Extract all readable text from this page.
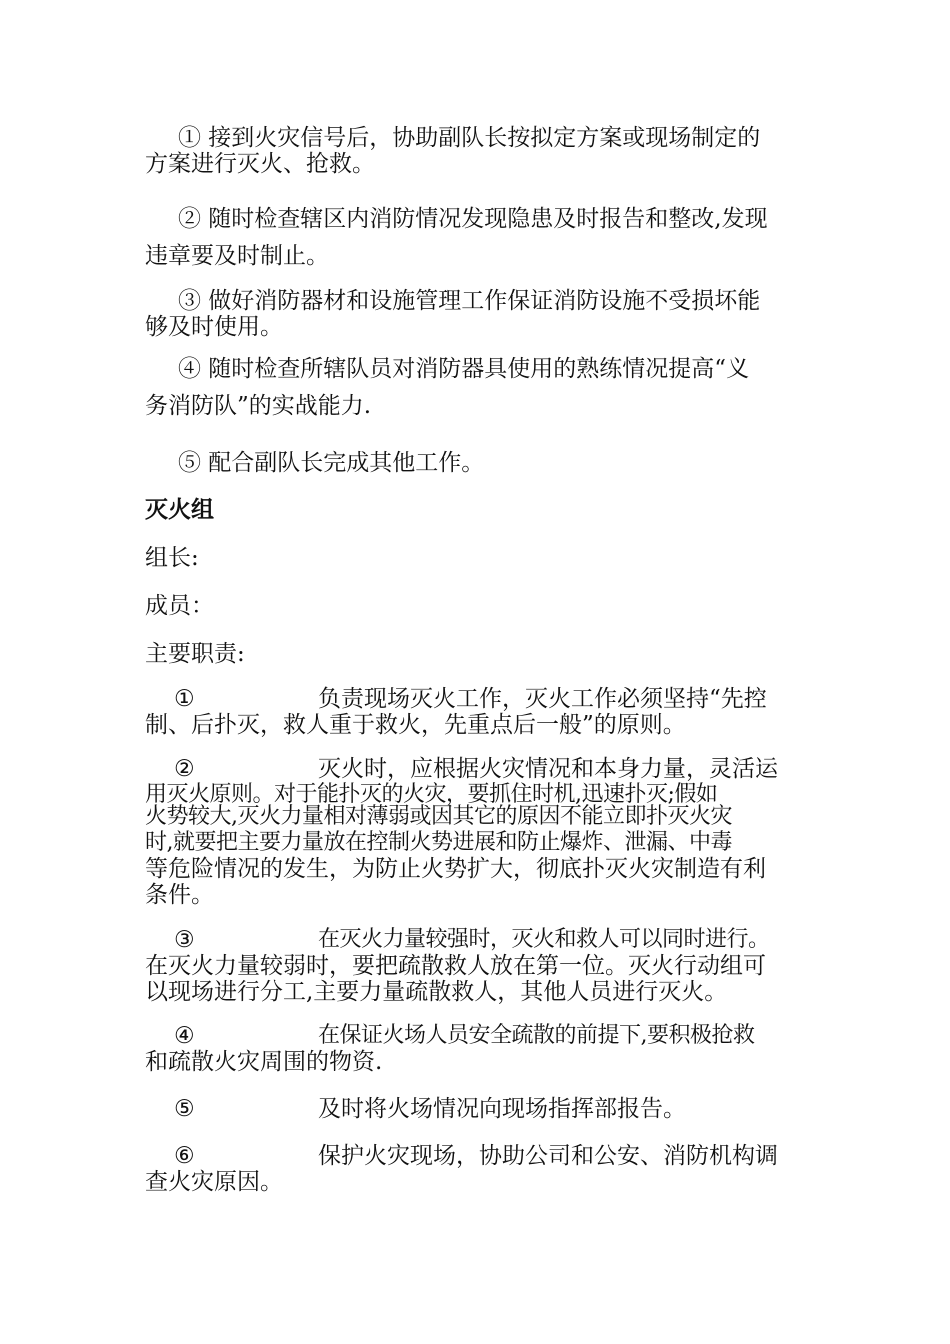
① 接到火灾信号后，协助副队长按拟定方案或现场制定的
方案进行灭火、抢救。
② 随时检查辖区内消防情况发现隐患及时报告和整改,发现
违章要及时制止。
③ 做好消防器材和设施管理工作保证消防设施不受损坏能
够及时使用。
④ 随时检查所辖队员对消防器具使用的熟练情况提高“义
务消防队”的实战能力.
⑤ 配合副队长完成其他工作。
灭火组
组长:
成员：
主要职责:
①	负责现场灭火工作，灭火工作必须坚持“先控
制、后扑灭，救人重于救火，先重点后一般”的原则。
②	灭火时，应根据火灾情况和本身力量，灵活运
用灭火原则。对于能扑灭的火灾，要抓住时机,迅速扑灭;假如
火势较大,灭火力量相对薄弱或因其它的原因不能立即扑灭火灾
时,就要把主要力量放在控制火势进展和防止爆炸、泄漏、中毒
等危险情况的发生，为防止火势扩大，彻底扑灭火灾制造有利
条件。
③	在灭火力量较强时，灭火和救人可以同时进行。
在灭火力量较弱时，要把疏散救人放在第一位。灭火行动组可
以现场进行分工,主要力量疏散救人，其他人员进行灭火。
④	在保证火场人员安全疏散的前提下,要积极抢救
和疏散火灾周围的物资.
⑤	及时将火场情况向现场指挥部报告。
⑥	保护火灾现场，协助公司和公安、消防机构调
查火灾原因。
